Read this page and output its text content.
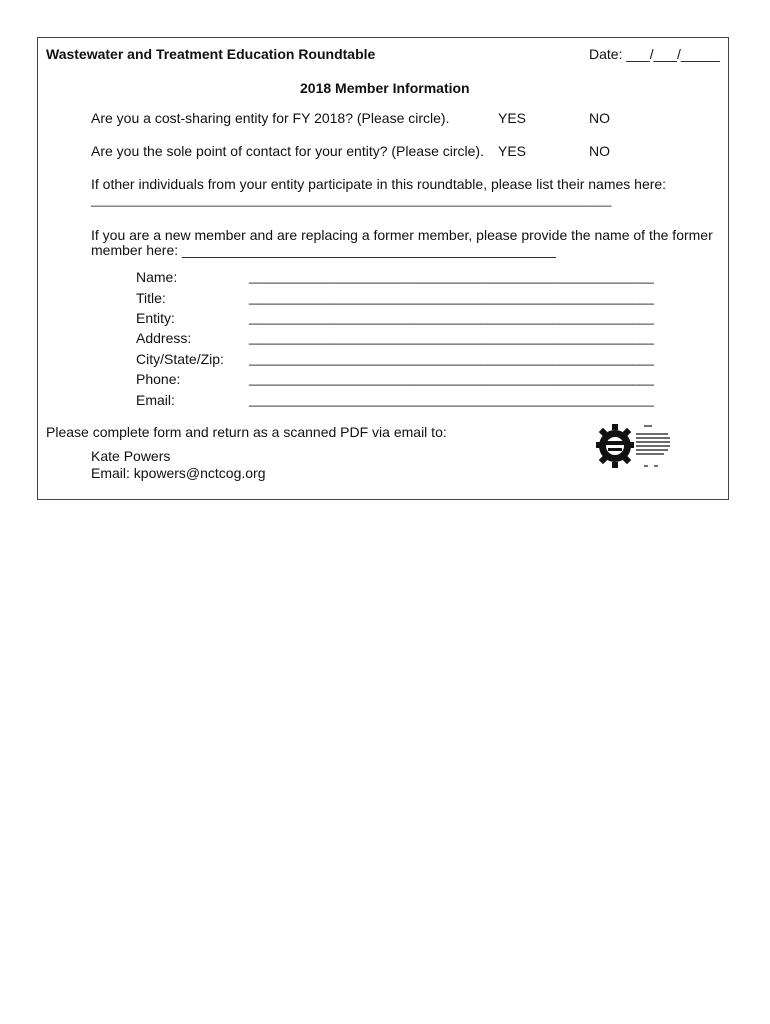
Wastewater and Treatment Education Roundtable	Date: ___/___/_____
2018 Member Information
Are you a cost-sharing entity for FY 2018? (Please circle).	YES	NO
Are you the sole point of contact for your entity? (Please circle). YES	NO
If other individuals from your entity participate in this roundtable, please list their names here:
______________________________________________________________________________
If you are a new member and are replacing a former member, please provide the name of the former
member here: ________________________________________________
Name:	________________________________________________________
Title:	________________________________________________________
Entity:	________________________________________________________
Address:	________________________________________________________
City/State/Zip: ________________________________________________________
Phone:	________________________________________________________
Email:	________________________________________________________
Please complete form and return as a scanned PDF via email to:
Kate Powers
Email: kpowers@nctcog.org
